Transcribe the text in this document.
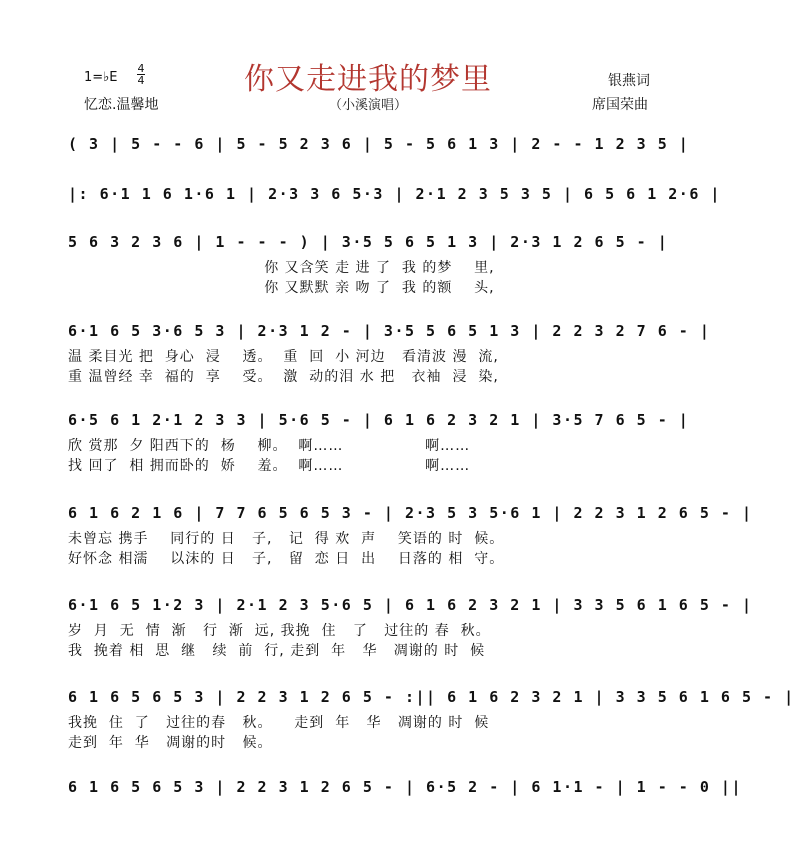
你又走进我的梦里
（小溪演唱）
1=♭E
4
4
忆恋.温馨地
银燕词
席国荣曲
( 3 | 5 - - 6 | 5 - 5 2 3 6 | 5 - 5 6 1 3 | 2 - - 1 2 3 5 |
|: 6·1 1 6 1·6 1 | 2·3 3 6 5·3 | 2·1 2 3 5 3 5 | 6 5 6 1 2·6 |
5 6 3 2 3 6 | 1 - - - ) | 3·5 5 6 5 1 3 | 2·3 1 2 6 5 - |
你 又含笑 走 进 了  我 的梦    里,
你 又默默 亲 吻 了  我 的额    头,
6·1 6 5 3·6 5 3 | 2·3 1 2 - | 3·5 5 6 5 1 3 | 2 2 3 2 7 6 - |
温 柔目光 把  身心  浸    透。  重  回  小 河边   看清波 漫  流,
重 温曾经 幸  福的  享    受。  激  动的泪 水 把   衣袖  浸  染,
6·5 6 1 2·1 2 3 3 | 5·6 5 - | 6 1 6 2 3 2 1 | 3·5 7 6 5 - |
欣 赏那  夕 阳西下的  杨    柳。  啊……               啊……
找 回了  相 拥而卧的  娇    羞。  啊……               啊……
6 1 6 2 1 6 | 7 7 6 5 6 5 3 - | 2·3 5 3 5·6 1 | 2 2 3 1 2 6 5 - |
未曾忘 携手    同行的 日   子,   记  得 欢  声    笑语的 时  候。
好怀念 相濡    以沫的 日   子,   留  恋 日  出    日落的 相  守。
6·1 6 5 1·2 3 | 2·1 2 3 5·6 5 | 6 1 6 2 3 2 1 | 3 3 5 6 1 6 5 - |
岁  月  无  情  渐   行  渐  远, 我挽  住   了   过往的 春  秋。
我  挽着 相  思  继   续  前  行, 走到  年   华   凋谢的 时  候
6 1 6 5 6 5 3 | 2 2 3 1 2 6 5 - :|| 6 1 6 2 3 2 1 | 3 3 5 6 1 6 5 - |
我挽  住  了   过往的春   秋。    走到  年   华   凋谢的 时  候
走到  年  华   凋谢的时   候。
6 1 6 5 6 5 3 | 2 2 3 1 2 6 5 - | 6·5 2 - | 6 1·1 - | 1 - - 0 ||
